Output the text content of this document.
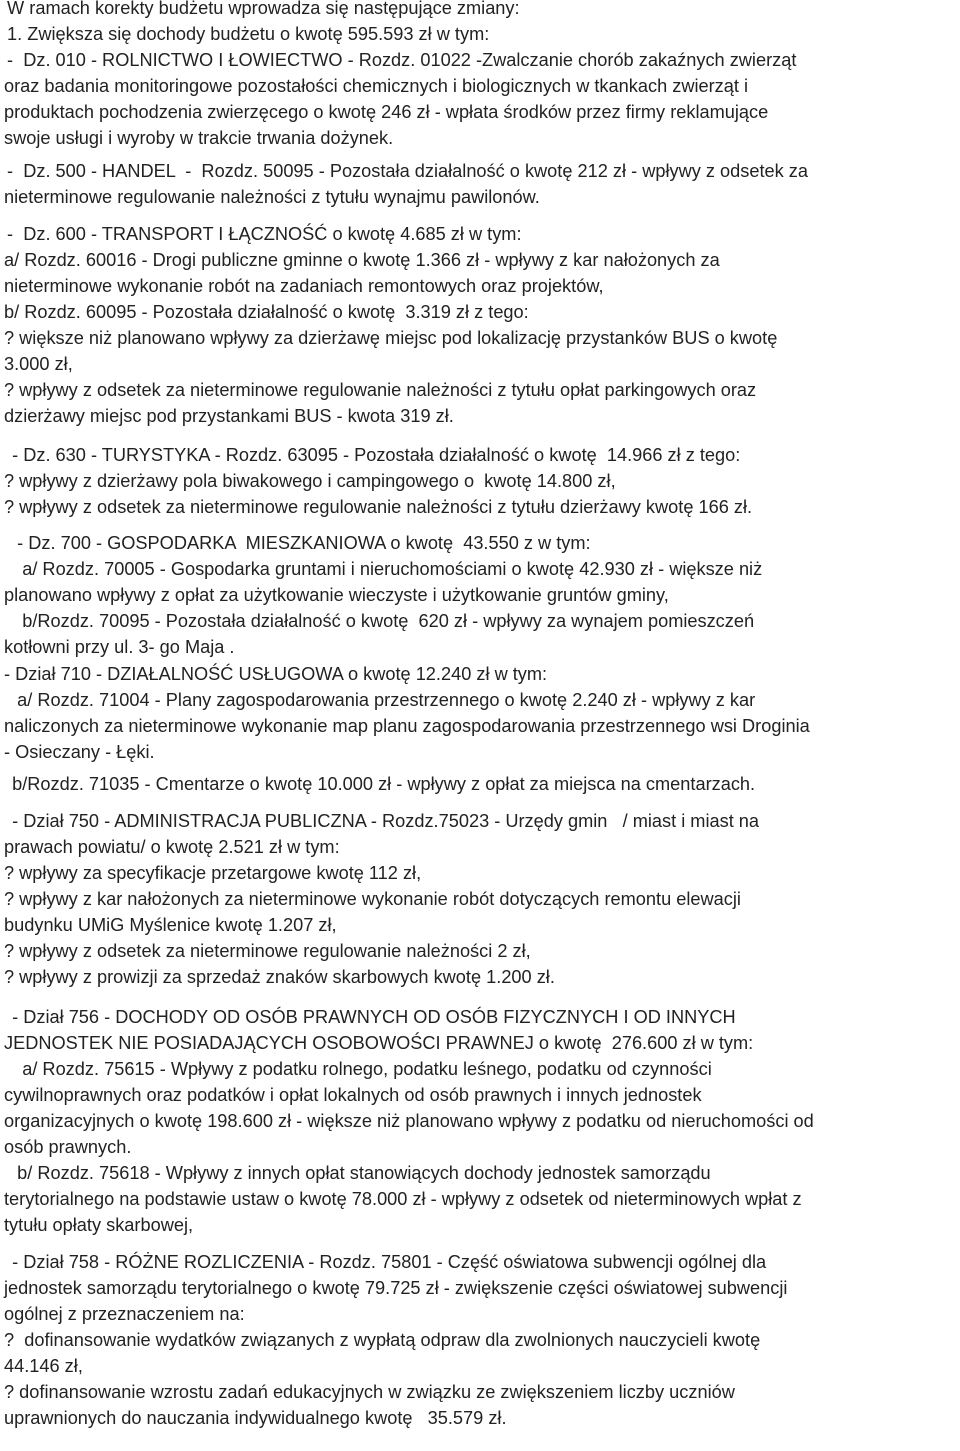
W ramach korekty budżetu wprowadza się następujące zmiany:
1. Zwiększa się dochody budżetu o kwotę 595.593 zł w tym:
-  Dz. 010 - ROLNICTWO I ŁOWIECTWO - Rozdz. 01022 -Zwalczanie chorób zakaźnych zwierząt
oraz badania monitoringowe pozostałości chemicznych i biologicznych w tkankach zwierząt i
produktach pochodzenia zwierzęcego o kwotę 246 zł - wpłata środków przez firmy reklamujące
swoje usługi i wyroby w trakcie trwania dożynek.
-  Dz. 500 - HANDEL  -  Rozdz. 50095 - Pozostała działalność o kwotę 212 zł - wpływy z odsetek za
nieterminowe regulowanie należności z tytułu wynajmu pawilonów.
-  Dz. 600 - TRANSPORT I ŁĄCZNOŚĆ o kwotę 4.685 zł w tym:
a/ Rozdz. 60016 - Drogi publiczne gminne o kwotę 1.366 zł - wpływy z kar nałożonych za
nieterminowe wykonanie robót na zadaniach remontowych oraz projektów,
b/ Rozdz. 60095 - Pozostała działalność o kwotę  3.319 zł z tego:
? większe niż planowano wpływy za dzierżawę miejsc pod lokalizację przystanków BUS o kwotę
3.000 zł,
? wpływy z odsetek za nieterminowe regulowanie należności z tytułu opłat parkingowych oraz
dzierżawy miejsc pod przystankami BUS - kwota 319 zł.
- Dz. 630 - TURYSTYKA - Rozdz. 63095 - Pozostała działalność o kwotę  14.966 zł z tego:
? wpływy z dzierżawy pola biwakowego i campingowego o  kwotę 14.800 zł,
? wpływy z odsetek za nieterminowe regulowanie należności z tytułu dzierżawy kwotę 166 zł.
- Dz. 700 - GOSPODARKA  MIESZKANIOWA o kwotę  43.550 z w tym:
a/ Rozdz. 70005 - Gospodarka gruntami i nieruchomościami o kwotę 42.930 zł - większe niż
planowano wpływy z opłat za użytkowanie wieczyste i użytkowanie gruntów gminy,
b/Rozdz. 70095 - Pozostała działalność o kwotę  620 zł - wpływy za wynajem pomieszczeń
kotłowni przy ul. 3- go Maja .
- Dział 710 - DZIAŁALNOŚĆ USŁUGOWA o kwotę 12.240 zł w tym:
a/ Rozdz. 71004 - Plany zagospodarowania przestrzennego o kwotę 2.240 zł - wpływy z kar
naliczonych za nieterminowe wykonanie map planu zagospodarowania przestrzennego wsi Droginia
- Osieczany - Łęki.
b/Rozdz. 71035 - Cmentarze o kwotę 10.000 zł - wpływy z opłat za miejsca na cmentarzach.
- Dział 750 - ADMINISTRACJA PUBLICZNA - Rozdz.75023 - Urzędy gmin   / miast i miast na
prawach powiatu/ o kwotę 2.521 zł w tym:
? wpływy za specyfikacje przetargowe kwotę 112 zł,
? wpływy z kar nałożonych za nieterminowe wykonanie robót dotyczących remontu elewacji
budynku UMiG Myślenice kwotę 1.207 zł,
? wpływy z odsetek za nieterminowe regulowanie należności 2 zł,
? wpływy z prowizji za sprzedaż znaków skarbowych kwotę 1.200 zł.
- Dział 756 - DOCHODY OD OSÓB PRAWNYCH OD OSÓB FIZYCZNYCH I OD INNYCH
JEDNOSTEK NIE POSIADAJĄCYCH OSOBOWOŚCI PRAWNEJ o kwotę  276.600 zł w tym:
a/ Rozdz. 75615 - Wpływy z podatku rolnego, podatku leśnego, podatku od czynności
cywilnoprawnych oraz podatków i opłat lokalnych od osób prawnych i innych jednostek
organizacyjnych o kwotę 198.600 zł - większe niż planowano wpływy z podatku od nieruchomości od
osób prawnych.
b/ Rozdz. 75618 - Wpływy z innych opłat stanowiących dochody jednostek samorządu
terytorialnego na podstawie ustaw o kwotę 78.000 zł - wpływy z odsetek od nieterminowych wpłat z
tytułu opłaty skarbowej,
- Dział 758 - RÓŻNE ROZLICZENIA - Rozdz. 75801 - Część oświatowa subwencji ogólnej dla
jednostek samorządu terytorialnego o kwotę 79.725 zł - zwiększenie części oświatowej subwencji
ogólnej z przeznaczeniem na:
?  dofinansowanie wydatków związanych z wypłatą odpraw dla zwolnionych nauczycieli kwotę
44.146 zł,
? dofinansowanie wzrostu zadań edukacyjnych w związku ze zwiększeniem liczby uczniów
uprawnionych do nauczania indywidualnego kwotę   35.579 zł.
